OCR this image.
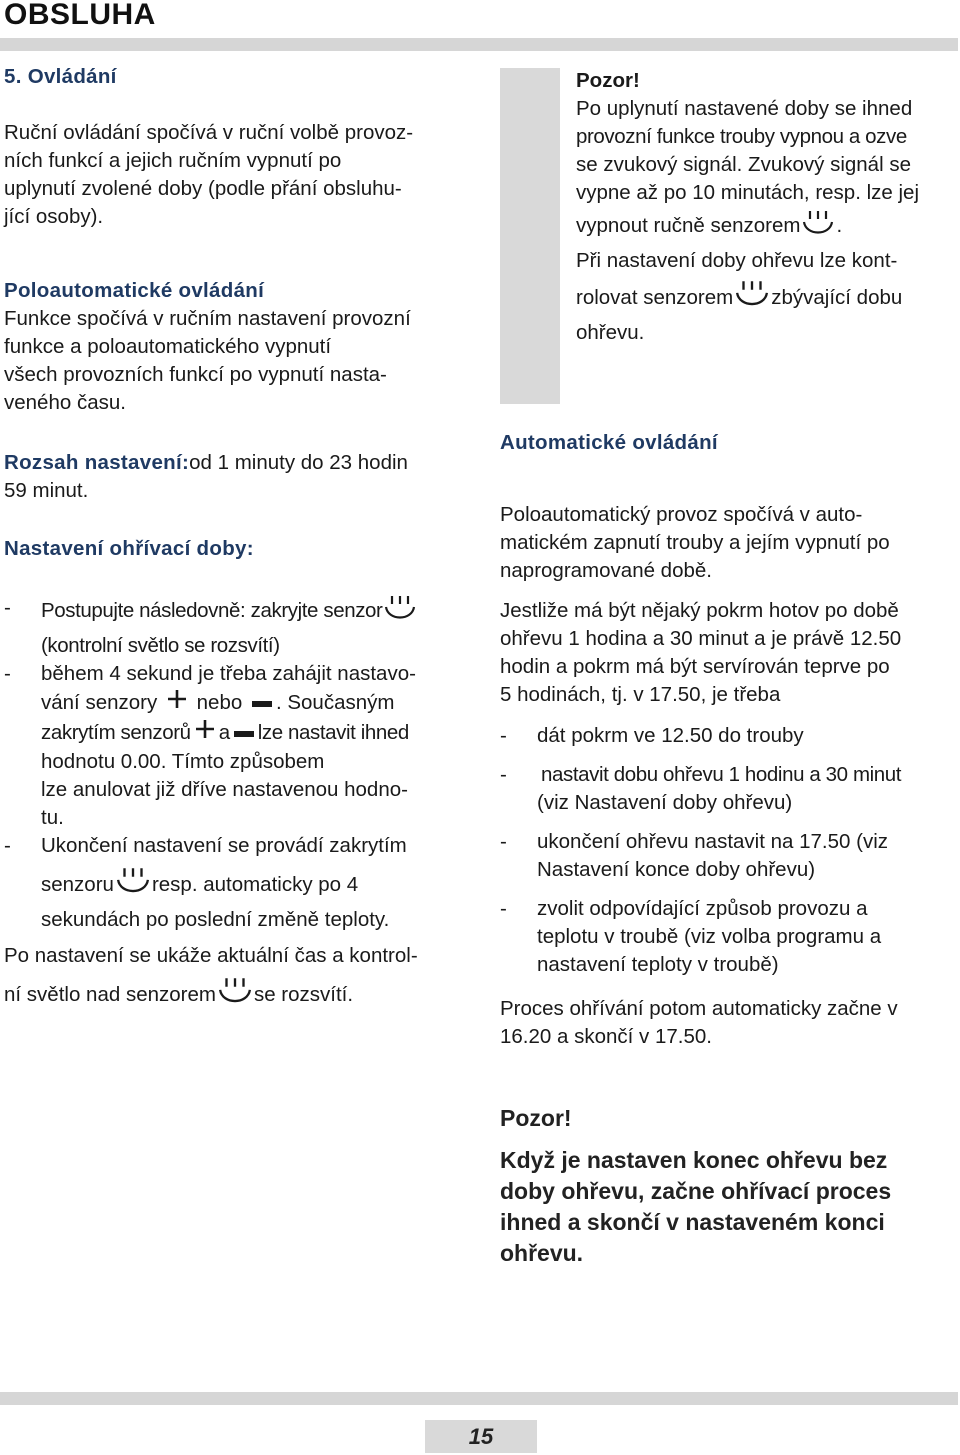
OBSLUHA
5. Ovládání
Ruční ovládání spočívá v ruční volbě provoz-
ních funkcí a jejich ručním vypnutí po
uplynutí zvolené doby (podle přání obsluhu-
jící osoby).
Poloautomatické ovládání
Funkce spočívá v ručním nastavení provozní
funkce a poloautomatického vypnutí
všech provozních funkcí po vypnutí nasta-
veného času.
Rozsah nastavení:od 1 minuty do 23 hodin
59 minut.
Nastavení ohřívací doby:
- Postupujte následovně: zakryjte senzor
(kontrolní světlo se rozsvítí)
- během 4 sekund je třeba zahájit nastavo-
vání senzory nebo . Současným
zakrytím senzorů a lze nastavit ihned
hodnotu 0.00. Tímto způsobem
lze anulovat již dříve nastavenou hodno-
tu.
- Ukončení nastavení se provádí zakrytím
senzoru resp. automaticky po 4
sekundách po poslední změně teploty.
Po nastavení se ukáže aktuální čas a kontrol-
ní světlo nad senzorem se rozsvítí.
Pozor!
Po uplynutí nastavené doby se ihned
provozní funkce trouby vypnou a ozve
se zvukový signál. Zvukový signál se
vypne až po 10 minutách, resp. lze jej
vypnout ručně senzorem .
Při nastavení doby ohřevu lze kont-
rolovat senzorem zbývající dobu
ohřevu.
Automatické ovládání
Poloautomatický provoz spočívá v auto-
matickém zapnutí trouby a jejím vypnutí po
naprogramované době.
Jestliže má být nějaký pokrm hotov po době
ohřevu 1 hodina a 30 minut a je právě 12.50
hodin a pokrm má být servírován teprve po
5 hodinách, tj. v 17.50, je třeba
- dát pokrm ve 12.50 do trouby
- nastavit dobu ohřevu 1 hodinu a 30 minut
(viz Nastavení doby ohřevu)
- ukončení ohřevu nastavit na 17.50 (viz
Nastavení konce doby ohřevu)
- zvolit odpovídající způsob provozu a
teplotu v troubě (viz volba programu a
nastavení teploty v troubě)
Proces ohřívání potom automaticky začne v
16.20 a skončí v 17.50.
Pozor!
Když je nastaven konec ohřevu bez
doby ohřevu, začne ohřívací proces
ihned a skončí v nastaveném konci
ohřevu.
15
